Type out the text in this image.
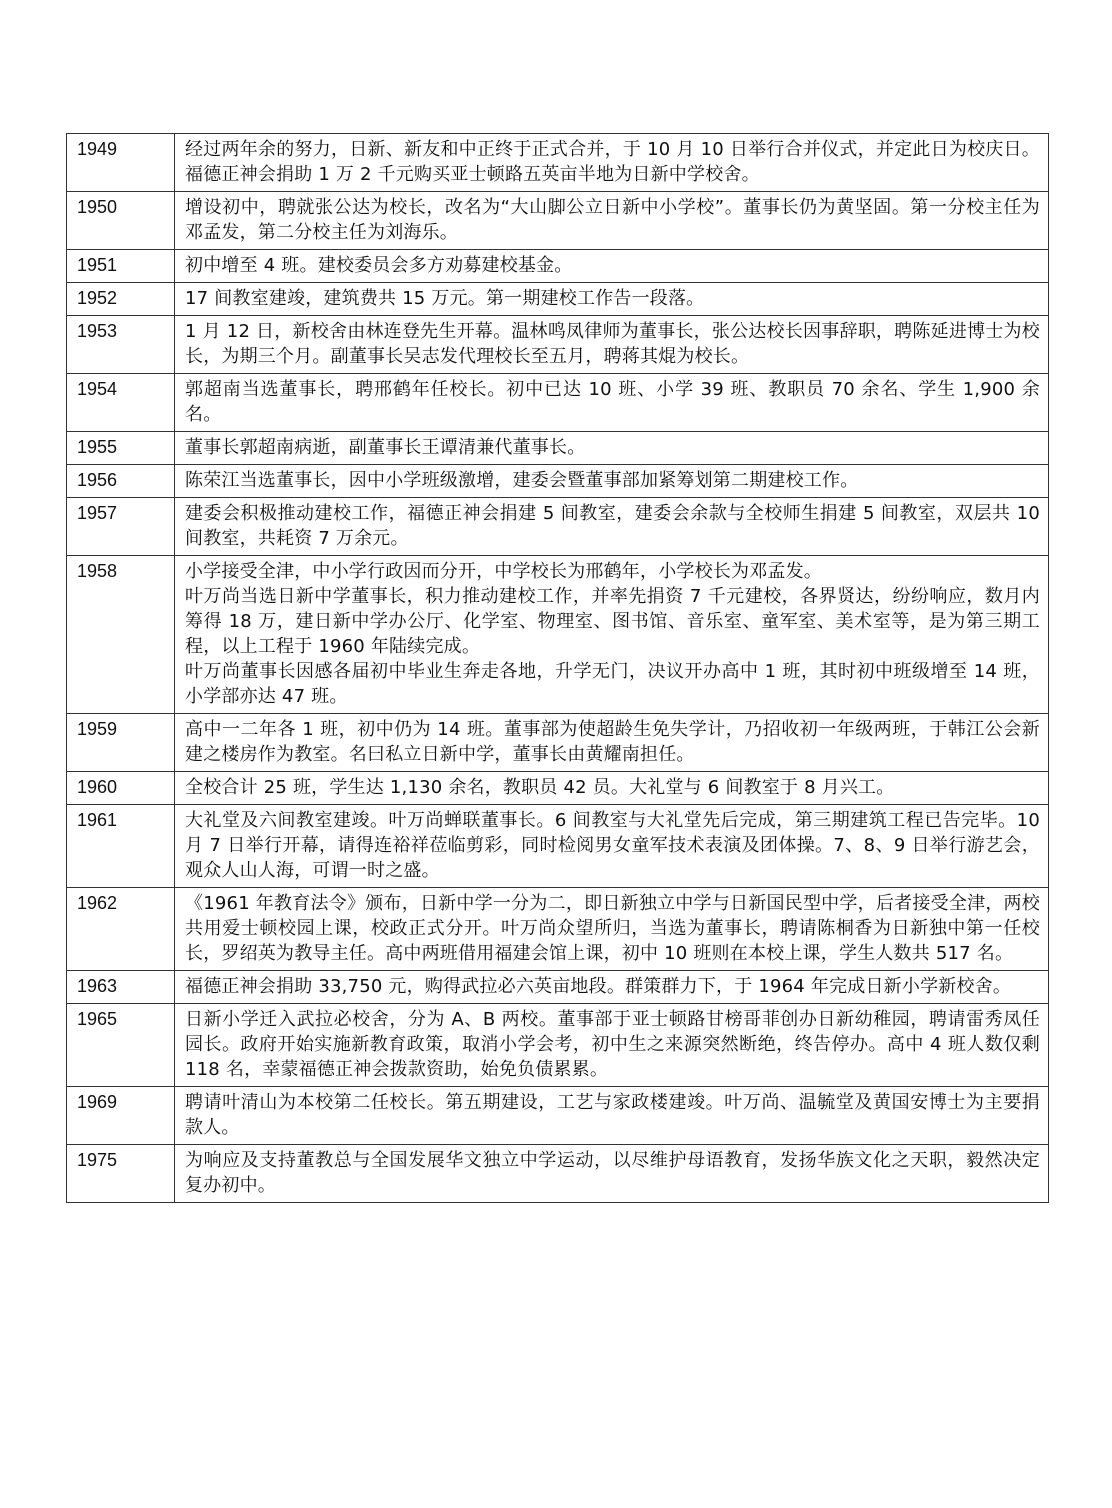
1949	经过两年余的努力，日新、新友和中正终于正式合并，于 10 月 10 日举行合并仪式，并定此日为校庆日。福德正神会捐助 1 万 2 千元购买亚士顿路五英亩半地为日新中学校舍。

1950	增设初中，聘就张公达为校长，改名为“大山脚公立日新中小学校”。董事长仍为黄坚固。第一分校主任为邓孟发，第二分校主任为刘海乐。

1951	初中增至 4 班。建校委员会多方劝募建校基金。

1952	17 间教室建竣，建筑费共 15 万元。第一期建校工作告一段落。

1953	1 月 12 日，新校舍由林连登先生开幕。温林鸣凤律师为董事长，张公达校长因事辞职，聘陈延进博士为校长，为期三个月。副董事长吴志发代理校长至五月，聘蒋其焜为校长。

1954	郭超南当选董事长，聘邢鹤年任校长。初中已达 10 班、小学 39 班、教职员 70 余名、学生 1,900 余名。

1955	董事长郭超南病逝，副董事长王谭清兼代董事长。

1956	陈荣江当选董事长，因中小学班级激增，建委会暨董事部加紧筹划第二期建校工作。

1957	建委会积极推动建校工作，福德正神会捐建 5 间教室，建委会余款与全校师生捐建 5 间教室，双层共 10 间教室，共耗资 7 万余元。

1958	小学接受全津，中小学行政因而分开，中学校长为邢鹤年，小学校长为邓孟发。

叶万尚当选日新中学董事长，积力推动建校工作，并率先捐资 7 千元建校，各界贤达，纷纷响应，数月内筹得 18 万，建日新中学办公厅、化学室、物理室、图书馆、音乐室、童军室、美术室等，是为第三期工程，以上工程于 1960 年陆续完成。

叶万尚董事长因感各届初中毕业生奔走各地，升学无门，决议开办高中 1 班，其时初中班级增至 14 班，小学部亦达 47 班。

1959	高中一二年各 1 班，初中仍为 14 班。董事部为使超龄生免失学计，乃招收初一年级两班，于韩江公会新建之楼房作为教室。名曰私立日新中学，董事长由黄耀南担任。

1960	全校合计 25 班，学生达 1,130 余名，教职员 42 员。大礼堂与 6 间教室于 8 月兴工。

1961	大礼堂及六间教室建竣。叶万尚蝉联董事长。6 间教室与大礼堂先后完成，第三期建筑工程已告完毕。10 月 7 日举行开幕，请得连裕祥莅临剪彩，同时检阅男女童军技术表演及团体操。7、8、9 日举行游艺会，观众人山人海，可谓一时之盛。

1962	《1961 年教育法令》颁布，日新中学一分为二，即日新独立中学与日新国民型中学，后者接受全津，两校共用爱士顿校园上课，校政正式分开。叶万尚众望所归，当选为董事长，聘请陈桐香为日新独中第一任校长，罗绍英为教导主任。高中两班借用福建会馆上课，初中 10 班则在本校上课，学生人数共 517 名。

1963	福德正神会捐助 33,750 元，购得武拉必六英亩地段。群策群力下，于 1964 年完成日新小学新校舍。

1965	日新小学迁入武拉必校舍，分为 A、B 两校。董事部于亚士顿路甘榜哥菲创办日新幼稚园，聘请雷秀凤任园长。政府开始实施新教育政策，取消小学会考，初中生之来源突然断绝，终告停办。高中 4 班人数仅剩 118 名，幸蒙福德正神会拨款资助，始免负债累累。

1969	聘请叶清山为本校第二任校长。第五期建设，工艺与家政楼建竣。叶万尚、温毓堂及黄国安博士为主要捐款人。

1975	为响应及支持董教总与全国发展华文独立中学运动，以尽维护母语教育，发扬华族文化之天职，毅然决定复办初中。
